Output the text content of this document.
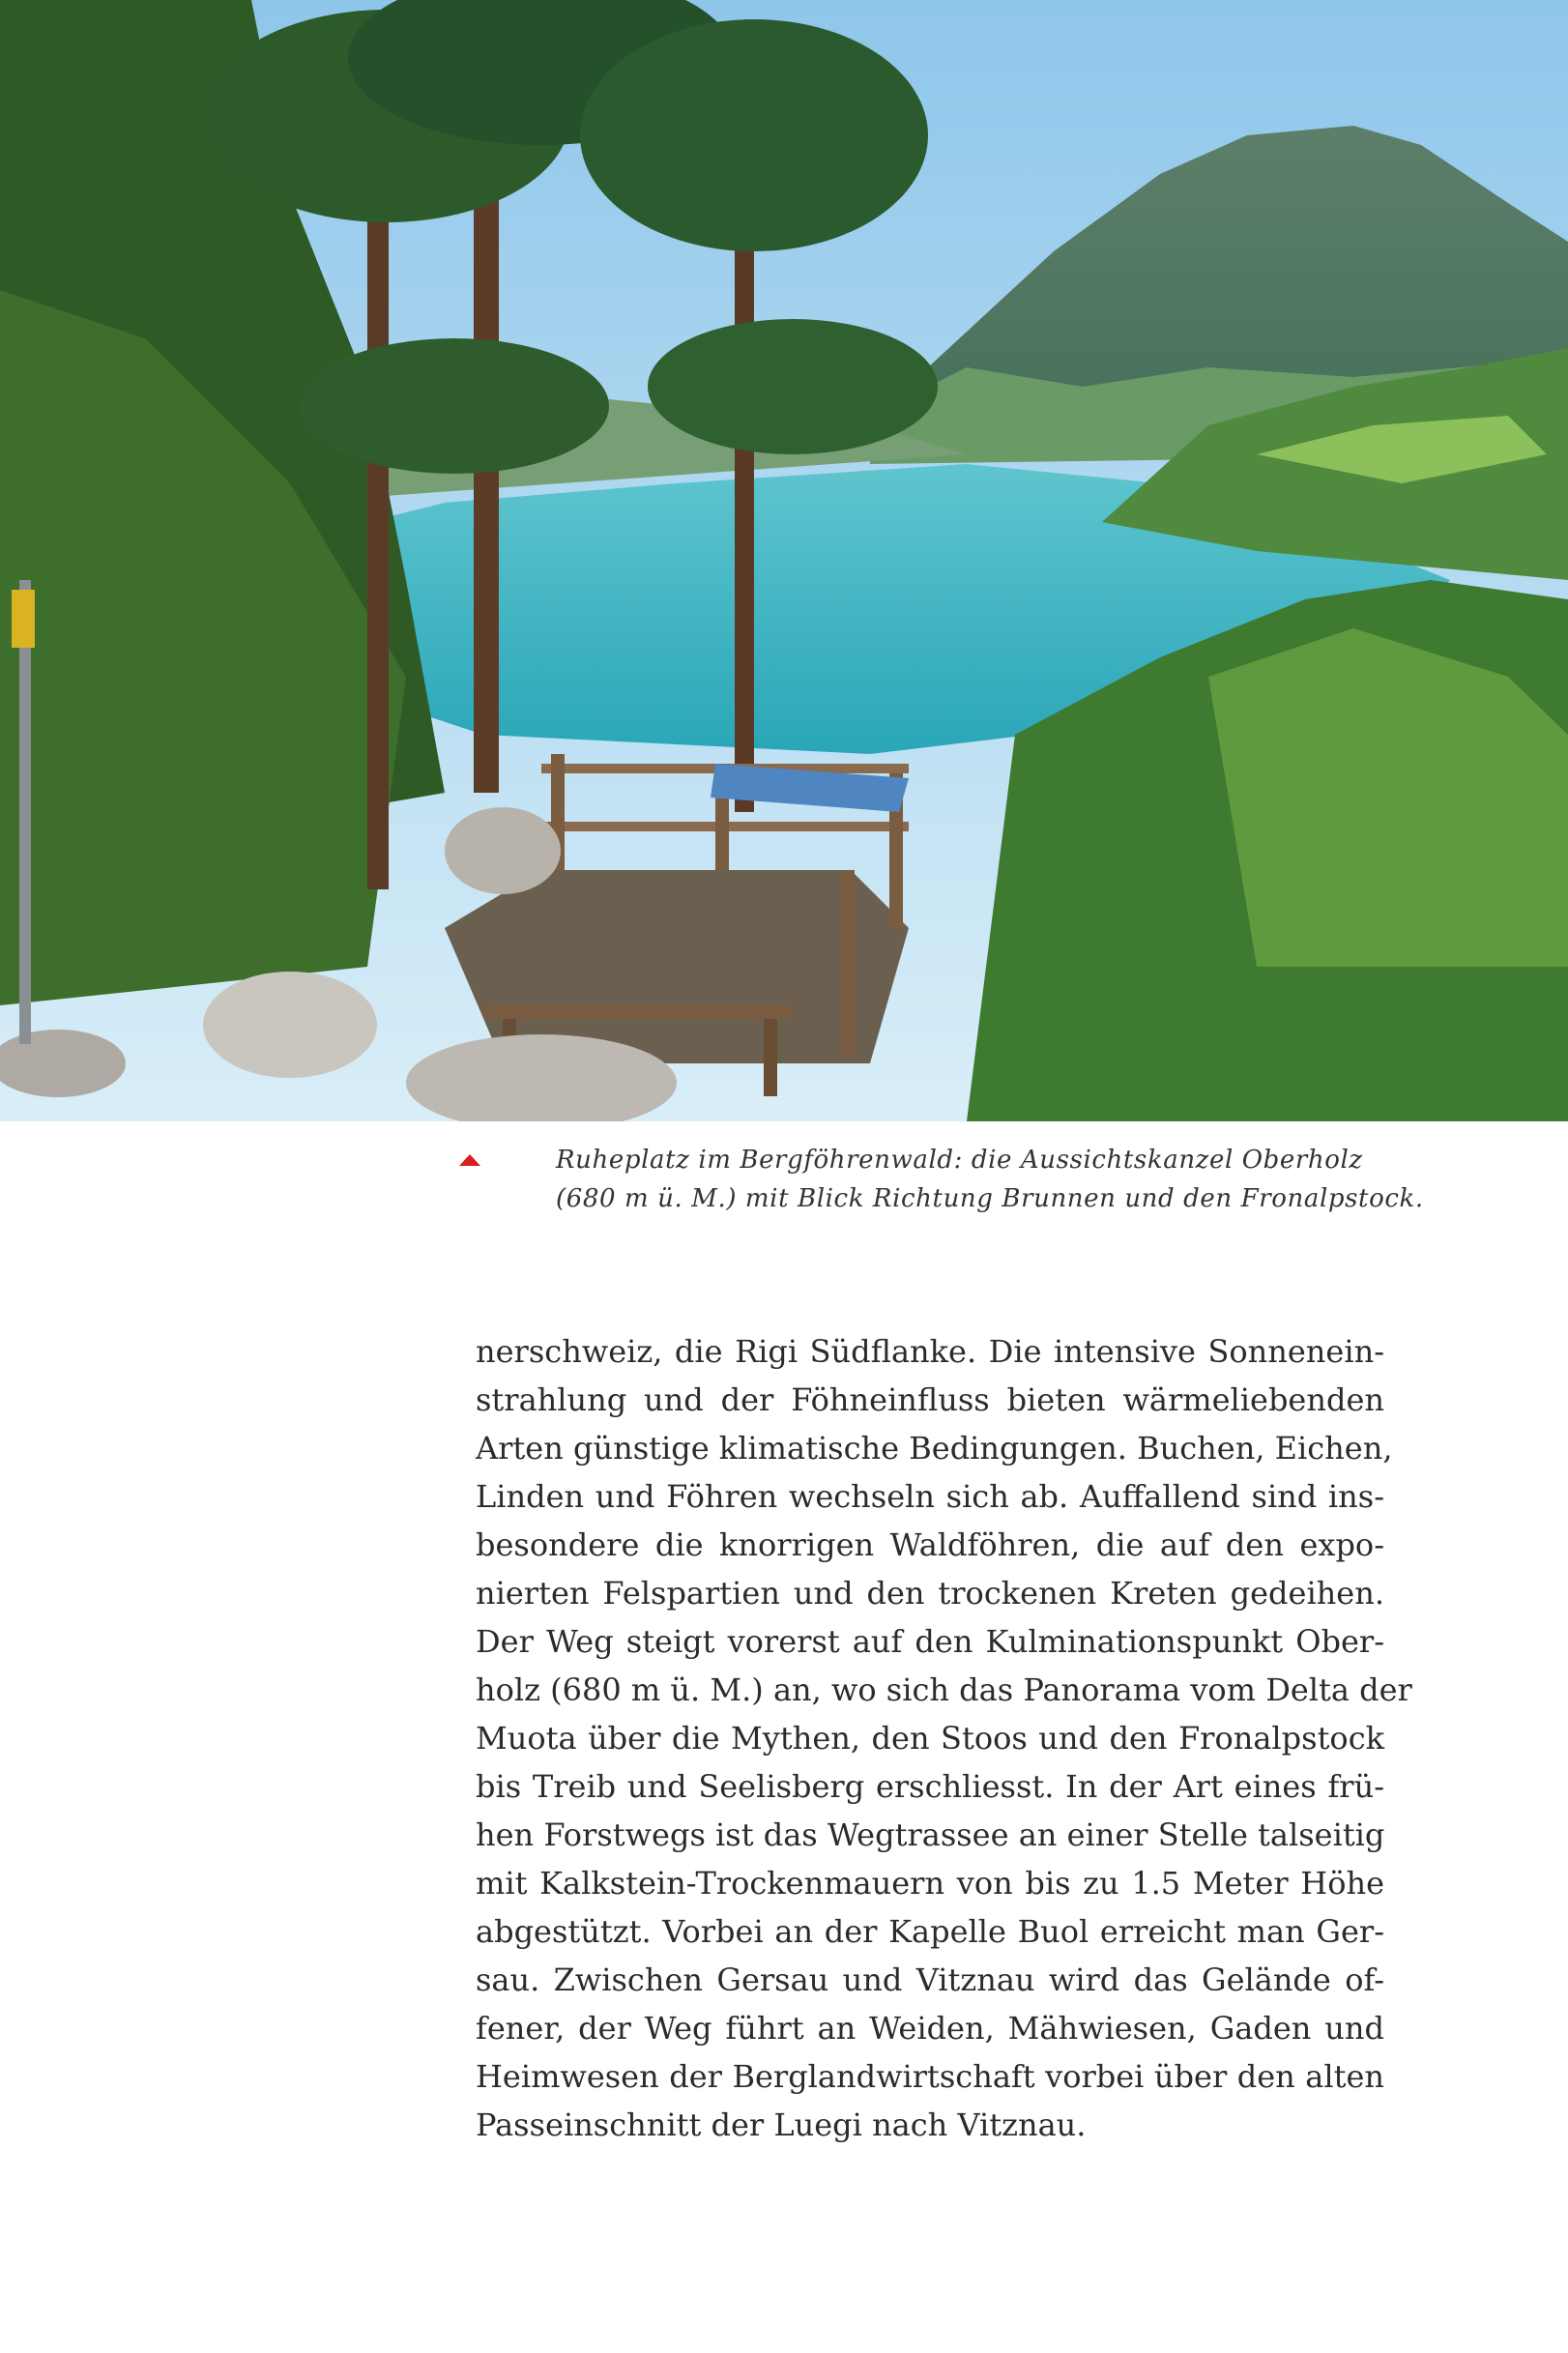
Ruheplatz im Bergföhrenwald: die Aussichtskanzel Oberholz
(680 m ü. M.) mit Blick Richtung Brunnen und den Fronalpstock.
nerschweiz, die Rigi Südflanke. Die intensive Sonnenein-
strahlung und der Föhneinfluss bieten wärmeliebenden
Arten günstige klimatische Bedingungen. Buchen, Eichen,
Linden und Föhren wechseln sich ab. Auffallend sind ins-
besondere die knorrigen Waldföhren, die auf den expo-
nierten Felspartien und den trockenen Kreten gedeihen.
Der Weg steigt vorerst auf den Kulminationspunkt Ober-
holz (680 m ü. M.) an, wo sich das Panorama vom Delta der
Muota über die Mythen, den Stoos und den Fronalpstock
bis Treib und Seelisberg erschliesst. In der Art eines frü-
hen Forstwegs ist das Wegtrassee an einer Stelle talseitig
mit Kalkstein-Trockenmauern von bis zu 1.5 Meter Höhe
abgestützt. Vorbei an der Kapelle Buol erreicht man Ger-
sau. Zwischen Gersau und Vitznau wird das Gelände of-
fener, der Weg führt an Weiden, Mähwiesen, Gaden und
Heimwesen der Berglandwirtschaft vorbei über den alten
Passeinschnitt der Luegi nach Vitznau.
